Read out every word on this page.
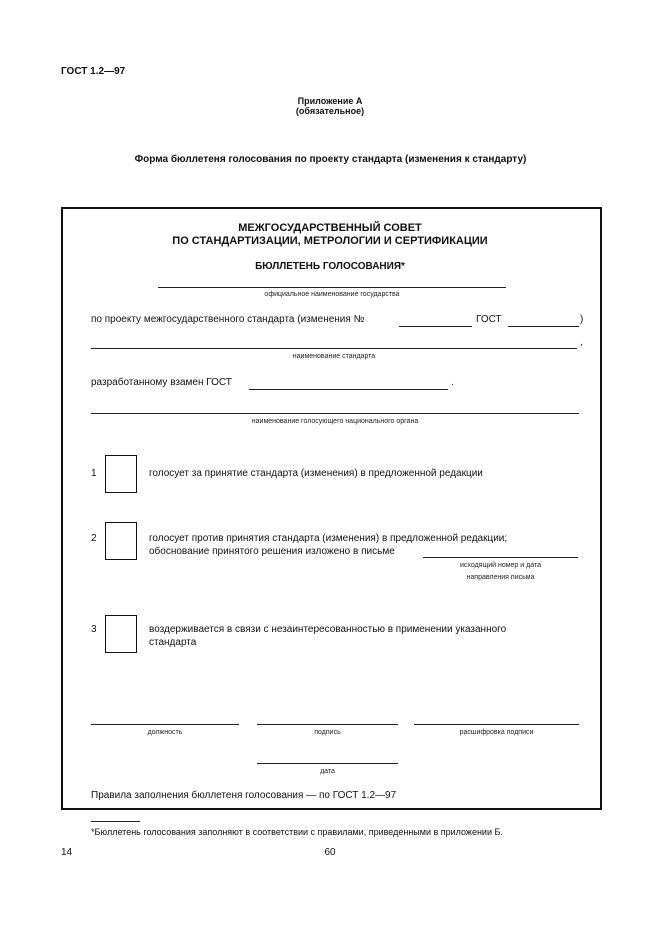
ГОСТ 1.2—97
Приложение А
(обязательное)
Форма бюллетеня голосования по проекту стандарта (изменения к стандарту)
МЕЖГОСУДАРСТВЕННЫЙ СОВЕТ
ПО СТАНДАРТИЗАЦИИ, МЕТРОЛОГИИ И СЕРТИФИКАЦИИ
БЮЛЛЕТЕНЬ ГОЛОСОВАНИЯ*
официальное наименование государства
по проекту межгосударственного стандарта (изменения №	ГОСТ	)
,
наименование стандарта
разработанному взамен ГОСТ	.
наименование голосующего национального органа
1	голосует за принятие стандарта (изменения) в предложенной редакции
2	голосует против принятия стандарта (изменения) в предложенной редакции;
обоснование принятого решения изложено в письме
исходящий номер и дата
направления письма
3	воздерживается в связи с незаинтересованностью в применении указанного
стандарта
должность	подпись	расшифровка подписи
дата
Правила заполнения бюллетеня голосования — по ГОСТ 1.2—97
*Бюллетень голосования заполняют в соответствии с правилами, приведенными в приложении Б.
14	60
